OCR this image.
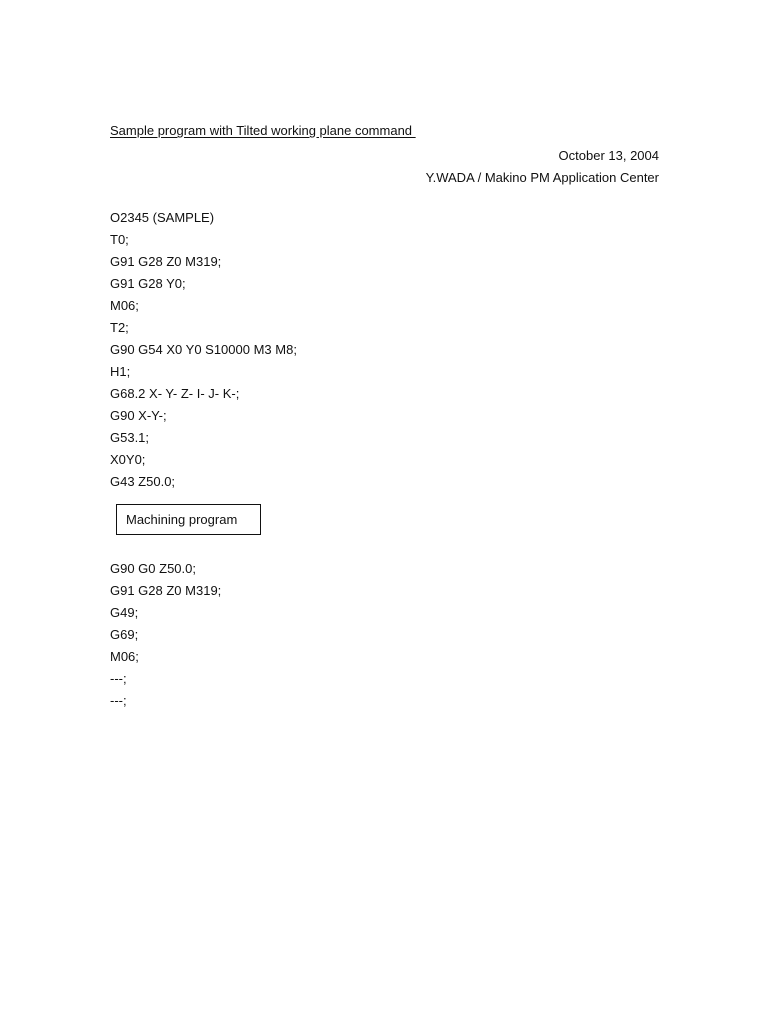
Sample program with Tilted working plane command
October 13, 2004
Y.WADA / Makino PM Application Center
O2345 (SAMPLE)
T0;
G91 G28 Z0 M319;
G91 G28 Y0;
M06;
T2;
G90 G54 X0 Y0 S10000 M3 M8;
H1;
G68.2 X- Y- Z- I- J- K-;
G90 X-Y-;
G53.1;
X0Y0;
G43 Z50.0;
Machining program
G90 G0 Z50.0;
G91 G28 Z0 M319;
G49;
G69;
M06;
---;
---;
